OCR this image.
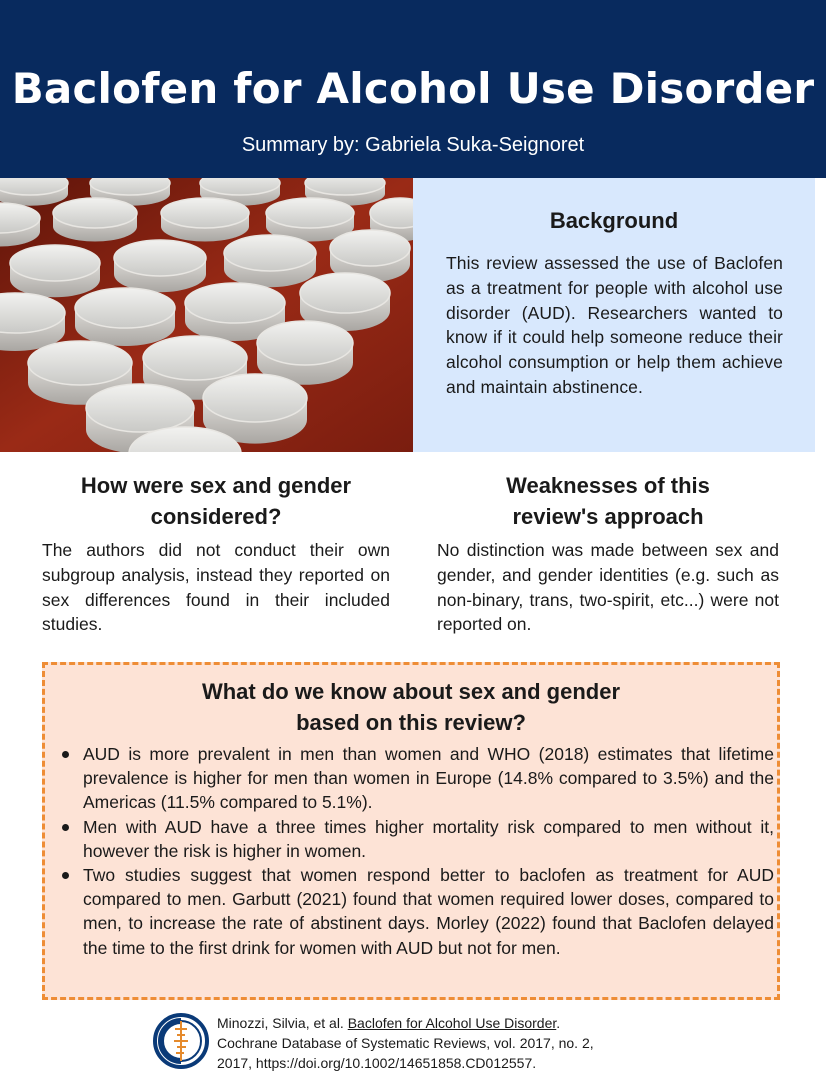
Baclofen for Alcohol Use Disorder
Summary by: Gabriela Suka-Seignoret
Background

This review assessed the use of Baclofen as a treatment for people with alcohol use disorder (AUD). Researchers wanted to know if it could help someone reduce their alcohol consumption or help them achieve and maintain abstinence.

How were sex and gender
considered?

The authors did not conduct their own subgroup analysis, instead they reported on sex differences found in their included studies.

Weaknesses of this
review's approach

No distinction was made between sex and gender, and gender identities (e.g. such as non-binary, trans, two-spirit, etc...) were not reported on.

What do we know about sex and gender
based on this review?
AUD is more prevalent in men than women and WHO (2018) estimates that lifetime prevalence is higher for men than women in Europe (14.8% compared to 3.5%) and the Americas (11.5% compared to 5.1%).
Men with AUD have a three times higher mortality risk compared to men without it, however the risk is higher in women.
Two studies suggest that women respond better to baclofen as treatment for AUD compared to men. Garbutt (2021) found that women required lower doses, compared to men, to increase the rate of abstinent days. Morley (2022) found that Baclofen delayed the time to the first drink for women with AUD but not for men.
Minozzi, Silvia, et al. Baclofen for Alcohol Use Disorder.
Cochrane Database of Systematic Reviews, vol. 2017, no. 2,
2017, https://doi.org/10.1002/14651858.CD012557.
